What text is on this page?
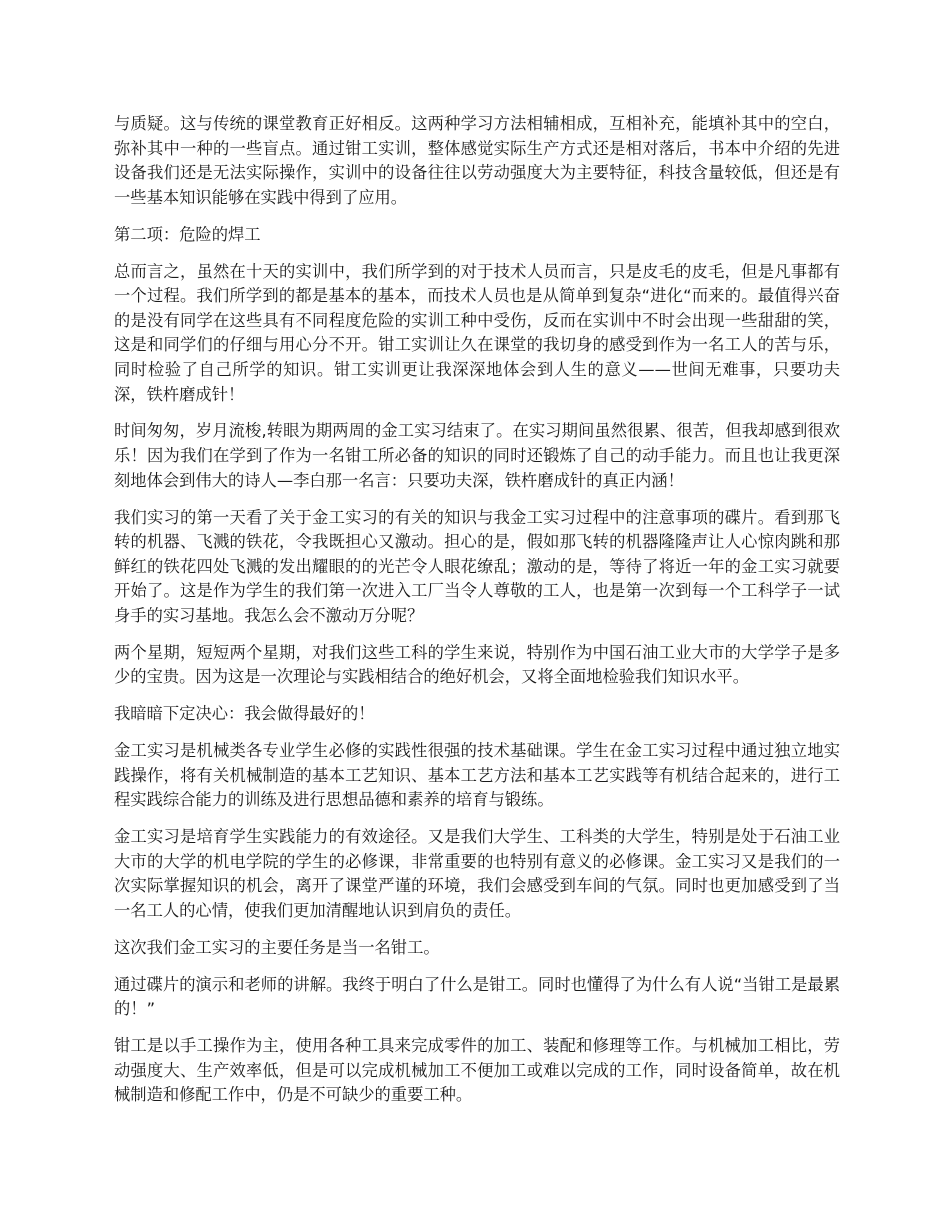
与质疑。这与传统的课堂教育正好相反。这两种学习方法相辅相成，互相补充，能填补其中的空白，弥补其中一种的一些盲点。通过钳工实训，整体感觉实际生产方式还是相对落后，书本中介绍的先进设备我们还是无法实际操作，实训中的设备往往以劳动强度大为主要特征，科技含量较低，但还是有一些基本知识能够在实践中得到了应用。

第二项：危险的焊工

总而言之，虽然在十天的实训中，我们所学到的对于技术人员而言，只是皮毛的皮毛，但是凡事都有一个过程。我们所学到的都是基本的基本，而技术人员也是从简单到复杂“进化“而来的。最值得兴奋的是没有同学在这些具有不同程度危险的实训工种中受伤，反而在实训中不时会出现一些甜甜的笑，这是和同学们的仔细与用心分不开。钳工实训让久在课堂的我切身的感受到作为一名工人的苦与乐，同时检验了自己所学的知识。钳工实训更让我深深地体会到人生的意义——世间无难事，只要功夫深，铁杵磨成针！

时间匆匆，岁月流梭,转眼为期两周的金工实习结束了。在实习期间虽然很累、很苦，但我却感到很欢乐！因为我们在学到了作为一名钳工所必备的知识的同时还锻炼了自己的动手能力。而且也让我更深刻地体会到伟大的诗人—李白那一名言：只要功夫深，铁杵磨成针的真正内涵！

我们实习的第一天看了关于金工实习的有关的知识与我金工实习过程中的注意事项的碟片。看到那飞转的机器、飞溅的铁花，令我既担心又激动。担心的是，假如那飞转的机器隆隆声让人心惊肉跳和那鲜红的铁花四处飞溅的发出耀眼的的光芒令人眼花缭乱；激动的是，等待了将近一年的金工实习就要开始了。这是作为学生的我们第一次进入工厂当令人尊敬的工人，也是第一次到每一个工科学子一试身手的实习基地。我怎么会不激动万分呢？

两个星期，短短两个星期，对我们这些工科的学生来说，特别作为中国石油工业大市的大学学子是多少的宝贵。因为这是一次理论与实践相结合的绝好机会，又将全面地检验我们知识水平。

我暗暗下定决心：我会做得最好的！

金工实习是机械类各专业学生必修的实践性很强的技术基础课。学生在金工实习过程中通过独立地实践操作，将有关机械制造的基本工艺知识、基本工艺方法和基本工艺实践等有机结合起来的，进行工程实践综合能力的训练及进行思想品德和素养的培育与锻练。

金工实习是培育学生实践能力的有效途径。又是我们大学生、工科类的大学生，特别是处于石油工业大市的大学的机电学院的学生的必修课，非常重要的也特别有意义的必修课。金工实习又是我们的一次实际掌握知识的机会，离开了课堂严谨的环境，我们会感受到车间的气氛。同时也更加感受到了当一名工人的心情，使我们更加清醒地认识到肩负的责任。

这次我们金工实习的主要任务是当一名钳工。

通过碟片的演示和老师的讲解。我终于明白了什么是钳工。同时也懂得了为什么有人说“当钳工是最累的！”

钳工是以手工操作为主，使用各种工具来完成零件的加工、装配和修理等工作。与机械加工相比，劳动强度大、生产效率低，但是可以完成机械加工不便加工或难以完成的工作，同时设备简单，故在机械制造和修配工作中，仍是不可缺少的重要工种。
